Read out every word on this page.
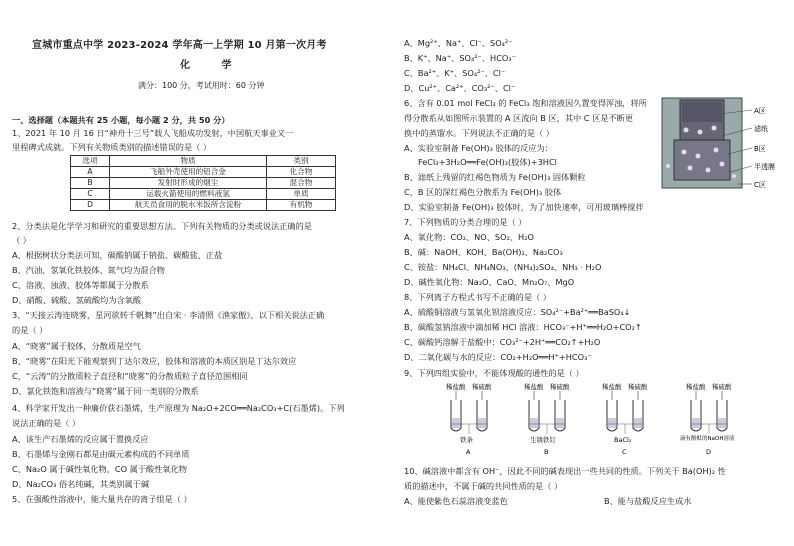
宣城市重点中学 2023-2024 学年高一上学期 10 月第一次月考
化 学
满分：100 分，考试用时：60 分钟
一、选择题（本题共有 25 小题，每小题 2 分，共 50 分）
1、2021 年 10 月 16 日“神舟十三号”载人飞船成功发射，中国航天事业又一
里程碑式成就。下列有关物质类别的描述错误的是（ ）
选项	物质	类别
A	飞船外壳使用的铝合金	化合物
B	发射时形成的烟尘	混合物
C	运载火箭使用的燃料液氢	单质
D	航天员食用的脱水米饭所含淀粉	有机物
2、分类法是化学学习和研究的重要思想方法。下列有关物质的分类或说法正确的是
（ ）
A、根据树状分类法可知，碳酸钠属于钠盐、碳酸盐、正盐
B、汽油、氢氧化铁胶体、氮气均为混合物
C、溶液、浊液、胶体等都属于分散系
D、硝酸、硫酸、氢硫酸均为含氧酸
3、“天接云涛连晓雾，星河欲转千帆舞”出自宋 · 李清照《渔家傲》，以下相关说法正确
的是（ ）
A、“晓雾”属于胶体，分散质是空气
B、“晓雾”在阳光下能观察到丁达尔效应，胶体和溶液的本质区别是丁达尔效应
C、“云涛”的分散质粒子直径和“晓雾”的分散质粒子直径范围相同
D、氯化铁饱和溶液与“晓雾”属于同一类别的分散系
4、科学家开发出一种廉价获石墨烯，生产原理为 Na₂O+2CO══Na₂CO₃+C(石墨烯)。下列
说法正确的是（ ）
A、该生产石墨烯的反应属于置换反应
B、石墨烯与金刚石都是由碳元素构成的不同单质
C、Na₂O 属于碱性氧化物，CO 属于酸性氧化物
D、Na₂CO₃ 俗名纯碱，其类别属于碱
5、在强酸性溶液中，能大量共存的离子组是（ ）
A、Mg²⁺、Na⁺、Cl⁻、SO₄²⁻
B、K⁺、Na⁺、SO₄²⁻、HCO₃⁻
C、Ba²⁺、K⁺、SO₄²⁻、Cl⁻
D、Cu²⁺、Ca²⁺、CO₃²⁻、Cl⁻
6、含有 0.01 mol FeCl₃ 的 FeCl₃ 饱和溶液因久置变得浑浊，将所
得分散系从如图所示装置的 A 区流向 B 区，其中 C 区是不断更
换中的蒸馏水。下列说法不正确的是（ ）
A、实验室制备 Fe(OH)₃ 胶体的反应为：
FeCl₃+3H₂O══Fe(OH)₃(胶体)+3HCl
B、滤纸上残留的红褐色物质为 Fe(OH)₃ 固体颗粒
C、B 区的深红褐色分散系为 Fe(OH)₃ 胶体
D、实验室制备 Fe(OH)₃ 胶体时，为了加快速率，可用玻璃棒搅拌
A区
滤纸
B区
半透膜
C区
7、下列物质的分类合理的是（ ）
A、氧化物：CO₂、NO、SO₂、H₂O
B、碱：NaOH、KOH、Ba(OH)₂、Na₂CO₃
C、铵盐：NH₄Cl、NH₄NO₃、(NH₄)₂SO₄、NH₃ · H₂O
D、碱性氧化物：Na₂O、CaO、Mn₂O₇、MgO
8、下列离子方程式书写不正确的是（ ）
A、硫酸铜溶液与氢氧化钡溶液反应：SO₄²⁻+Ba²⁺══BaSO₄↓
B、碳酸氢钠溶液中滴加稀 HCl 溶液：HCO₃⁻+H⁺══H₂O+CO₂↑
C、碳酸钙溶解于盐酸中：CO₃²⁻+2H⁺══CO₂↑+H₂O
D、二氧化碳与水的反应：CO₂+H₂O══H⁺+HCO₃⁻
9、下列四组实验中，不能体现酸的通性的是（ ）
稀盐酸 稀硫酸
铁条
A
稀盐酸 稀硫酸
生锈铁钉
B
稀盐酸 稀硫酸
BaCl₂
C
稀盐酸 稀硫酸
滴有酚酞的NaOH溶液
D
10、碱溶液中都含有 OH⁻，因此不同的碱表现出一些共同的性质。下列关于 Ba(OH)₂ 性
质的描述中，不属于碱的共同性质的是（ ）
A、能使紫色石蕊溶液变蓝色	B、能与盐酸反应生成水
